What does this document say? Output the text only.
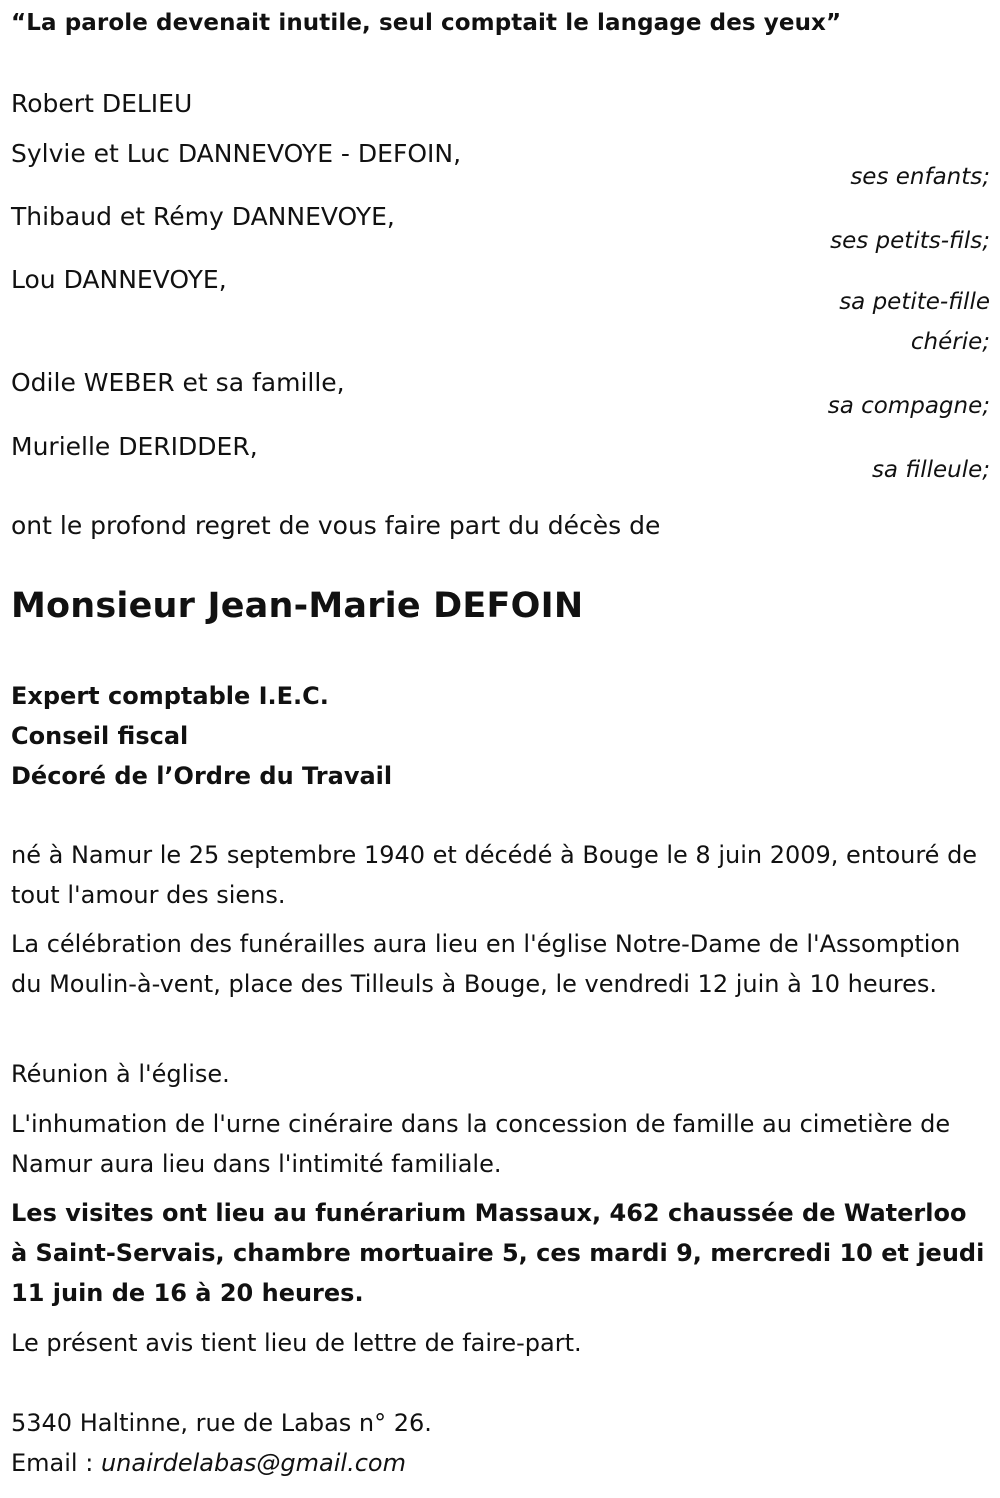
“La parole devenait inutile, seul comptait le langage des yeux”
Robert DELIEU
Sylvie et Luc DANNEVOYE - DEFOIN,
ses enfants;
Thibaud et Rémy DANNEVOYE,
ses petits-fils;
Lou DANNEVOYE,
sa petite-fille
chérie;
Odile WEBER et sa famille,
sa compagne;
Murielle DERIDDER,
sa filleule;
ont le profond regret de vous faire part du décès de
Monsieur Jean-Marie DEFOIN
Expert comptable I.E.C.
Conseil fiscal
Décoré de l’Ordre du Travail
né à Namur le 25 septembre 1940 et décédé à Bouge le 8 juin 2009, entouré de tout l'amour des siens.
La célébration des funérailles aura lieu en l'église Notre-Dame de l'Assomption du Moulin-à-vent, place des Tilleuls à Bouge, le vendredi 12 juin à 10 heures.
Réunion à l'église.
L'inhumation de l'urne cinéraire dans la concession de famille au cimetière de Namur aura lieu dans l'intimité familiale.
Les visites ont lieu au funérarium Massaux, 462 chaussée de Waterloo à Saint-Servais, chambre mortuaire 5, ces mardi 9, mercredi 10 et jeudi 11 juin de 16 à 20 heures.
Le présent avis tient lieu de lettre de faire-part.
5340 Haltinne, rue de Labas n° 26.
Email : unairdelabas@gmail.com
